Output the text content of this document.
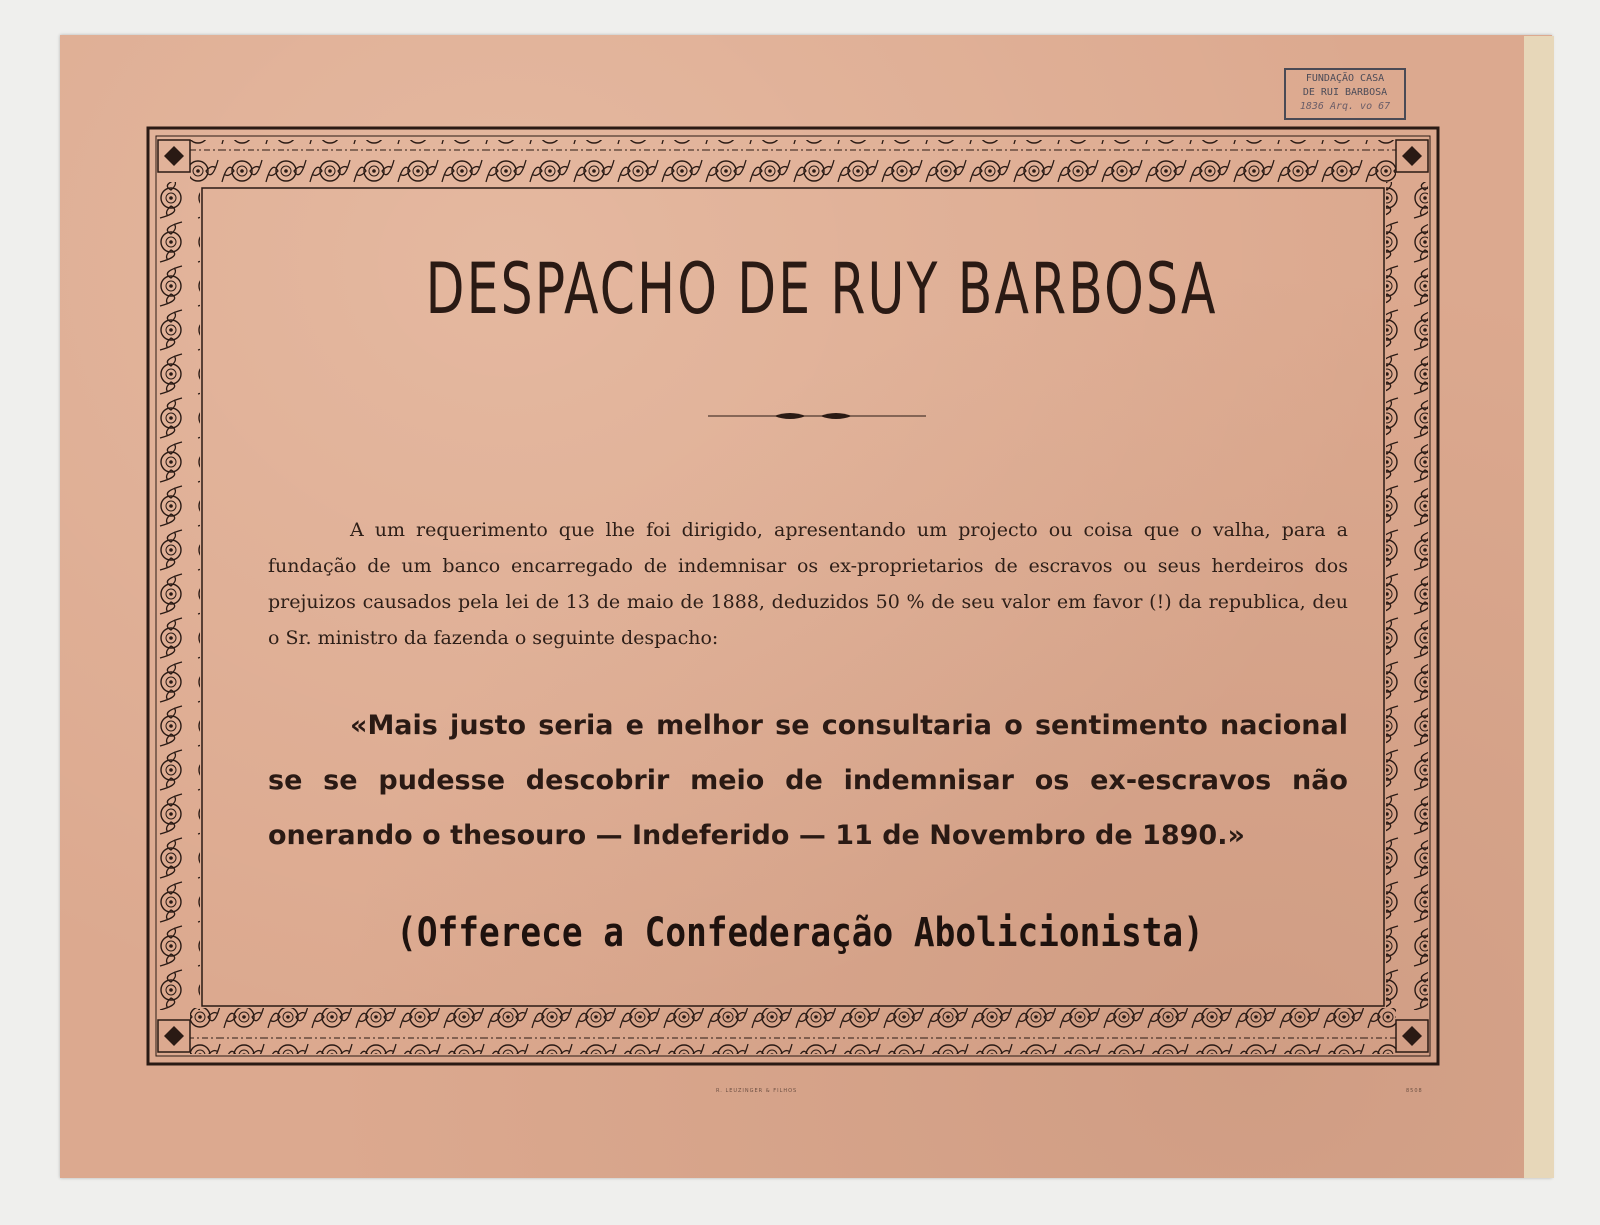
FUNDAÇÃO CASA
DE RUI BARBOSA
1836 Arq. vo 67
DESPACHO DE RUY BARBOSA

A um requerimento que lhe foi dirigido, apresentando um projecto ou coisa que o valha, para a fundação de um banco encarregado de indemnisar os ex-proprietarios de escravos ou seus herdeiros dos prejuizos causados pela lei de 13 de maio de 1888, deduzidos 50 % de seu valor em favor (!) da republica, deu o Sr. ministro da fazenda o seguinte despacho:

«Mais justo seria e melhor se consultaria o sentimento nacional se se pudesse descobrir meio de indemnisar os ex-escravos não onerando o thesouro — Indeferido — 11 de Novembro de 1890.»

(Offerece a Confederação Abolicionista)
R. LEUZINGER & FILHOS	8508
